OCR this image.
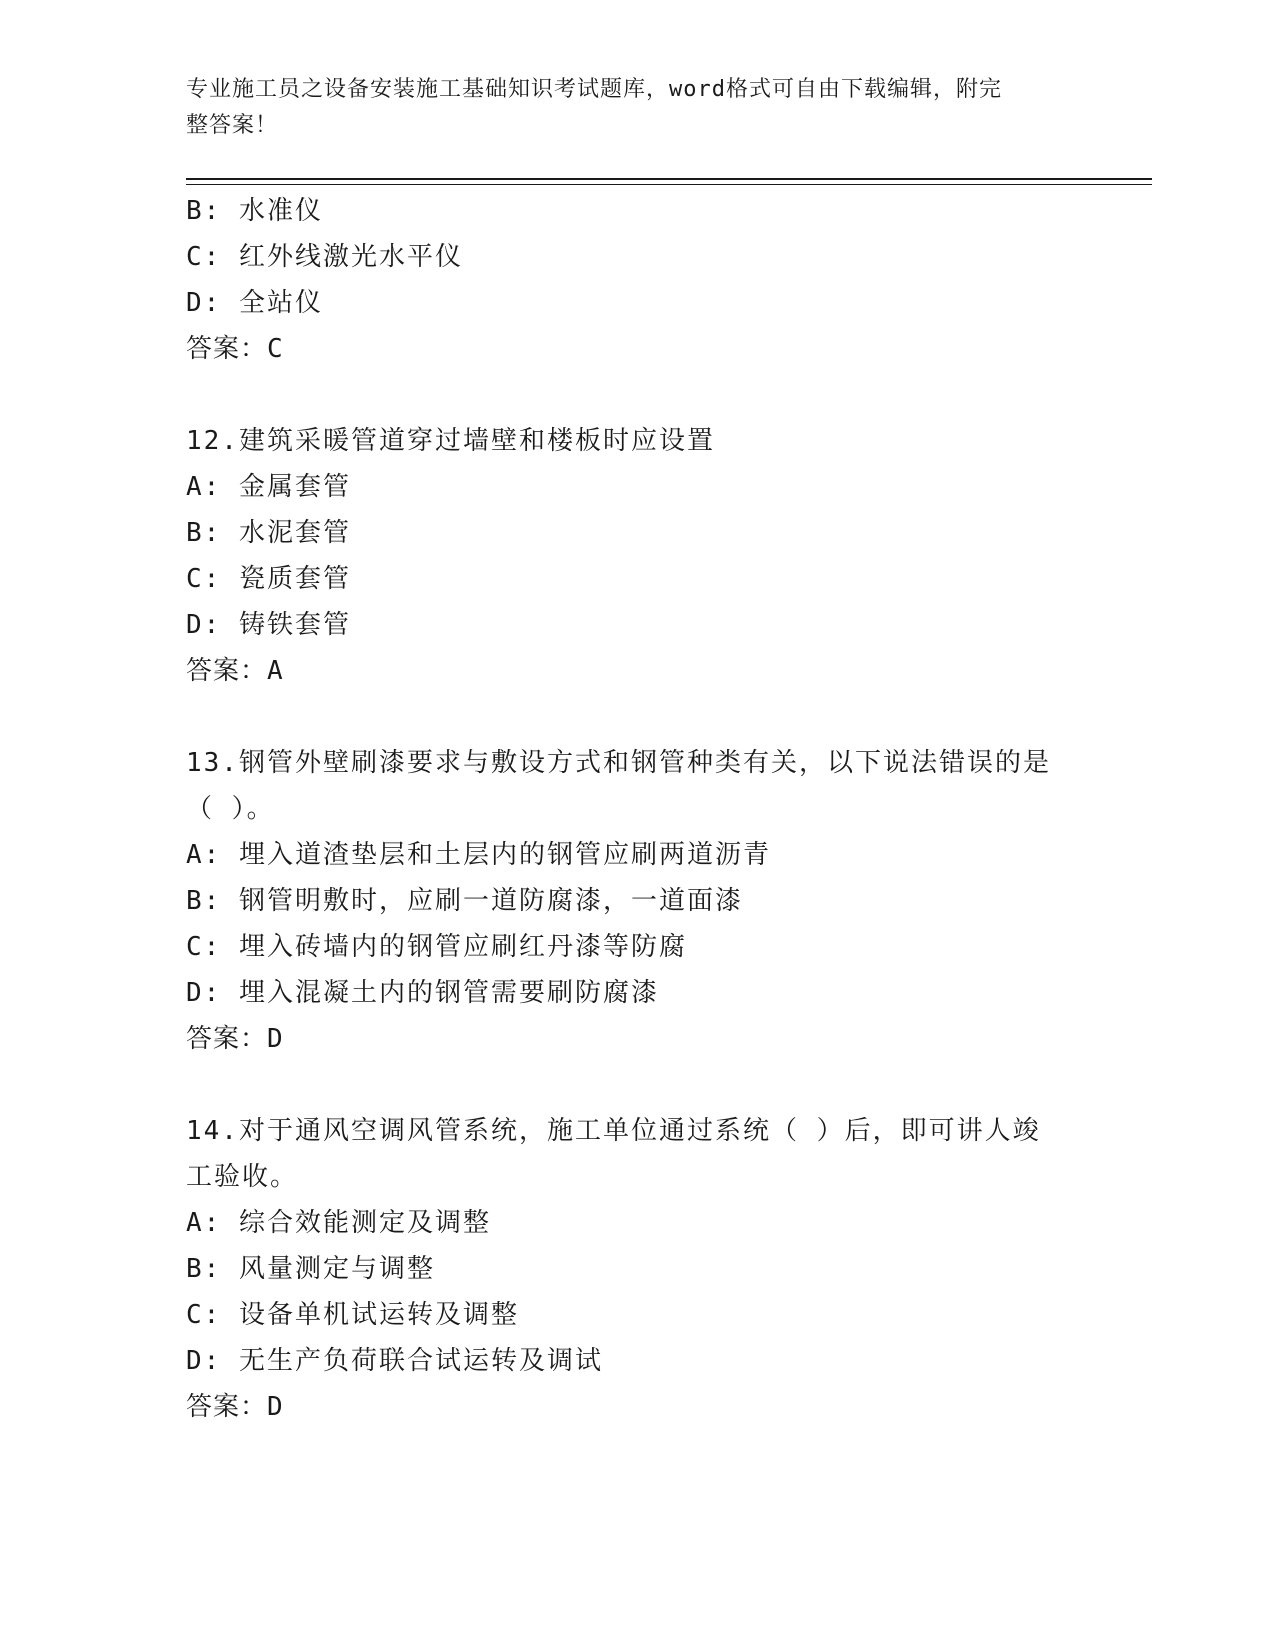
专业施工员之设备安装施工基础知识考试题库，word格式可自由下载编辑，附完
整答案！
B: 水准仪
C: 红外线激光水平仪
D: 全站仪
答案：C
12.建筑采暖管道穿过墙壁和楼板时应设置
A: 金属套管
B: 水泥套管
C: 瓷质套管
D: 铸铁套管
答案：A
13.钢管外壁刷漆要求与敷设方式和钢管种类有关，以下说法错误的是
（ ）。
A: 埋入道渣垫层和土层内的钢管应刷两道沥青
B: 钢管明敷时，应刷一道防腐漆，一道面漆
C: 埋入砖墙内的钢管应刷红丹漆等防腐
D: 埋入混凝土内的钢管需要刷防腐漆
答案：D
14.对于通风空调风管系统，施工单位通过系统（ ）后，即可讲人竣
工验收。
A: 综合效能测定及调整
B: 风量测定与调整
C: 设备单机试运转及调整
D: 无生产负荷联合试运转及调试
答案：D
